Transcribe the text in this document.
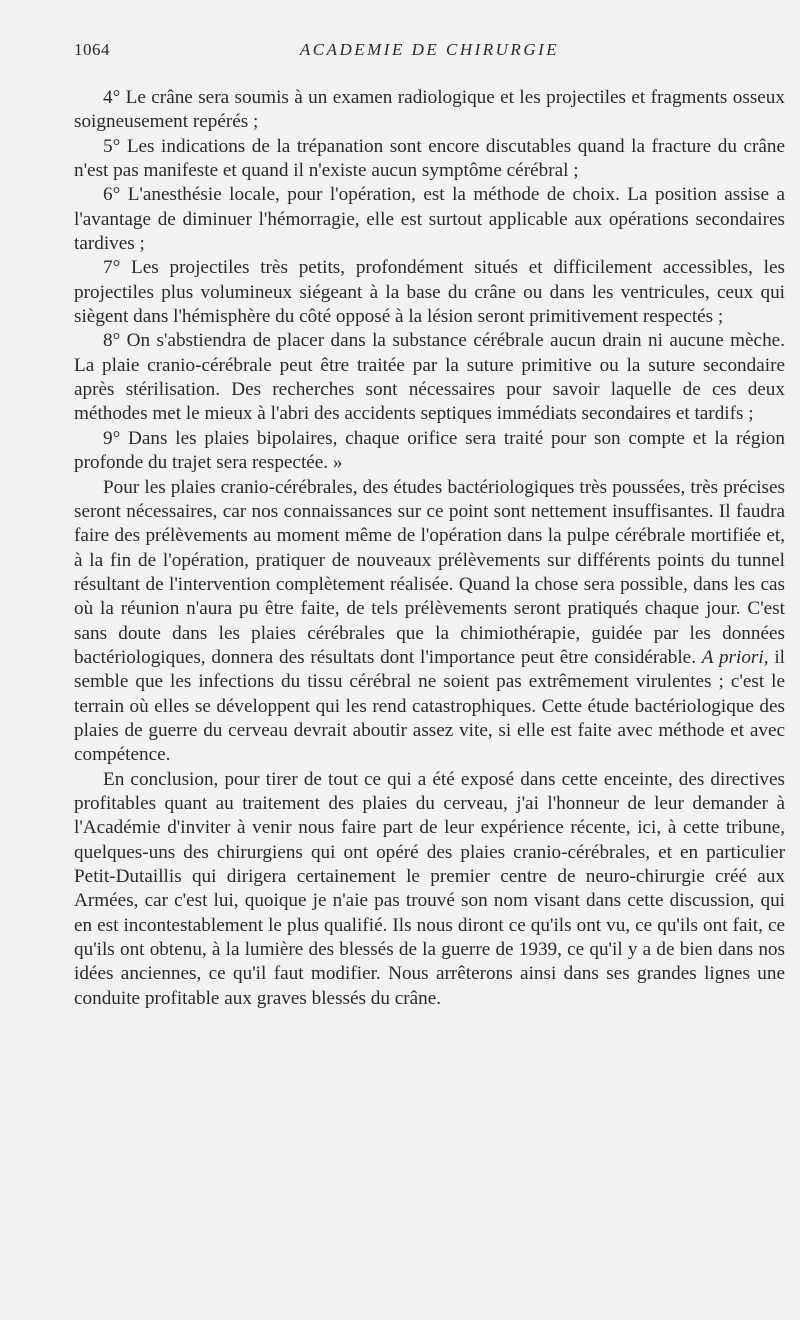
1064	ACADEMIE DE CHIRURGIE

4° Le crâne sera soumis à un examen radiologique et les projectiles et fragments osseux soigneusement repérés ;

5° Les indications de la trépanation sont encore discutables quand la fracture du crâne n'est pas manifeste et quand il n'existe aucun symptôme cérébral ;

6° L'anesthésie locale, pour l'opération, est la méthode de choix. La position assise a l'avantage de diminuer l'hémorragie, elle est surtout applicable aux opérations secondaires tardives ;

7° Les projectiles très petits, profondément situés et difficilement accessibles, les projectiles plus volumineux siégeant à la base du crâne ou dans les ventricules, ceux qui siègent dans l'hémisphère du côté opposé à la lésion seront primitivement respectés ;

8° On s'abstiendra de placer dans la substance cérébrale aucun drain ni aucune mèche. La plaie cranio-cérébrale peut être traitée par la suture primitive ou la suture secondaire après stérilisation. Des recherches sont nécessaires pour savoir laquelle de ces deux méthodes met le mieux à l'abri des accidents septiques immédiats secondaires et tardifs ;

9° Dans les plaies bipolaires, chaque orifice sera traité pour son compte et la région profonde du trajet sera respectée. »

Pour les plaies cranio-cérébrales, des études bactériologiques très poussées, très précises seront nécessaires, car nos connaissances sur ce point sont nettement insuffisantes. Il faudra faire des prélèvements au moment même de l'opération dans la pulpe cérébrale mortifiée et, à la fin de l'opération, pratiquer de nouveaux prélèvements sur différents points du tunnel résultant de l'intervention complètement réalisée. Quand la chose sera possible, dans les cas où la réunion n'aura pu être faite, de tels prélèvements seront pratiqués chaque jour. C'est sans doute dans les plaies cérébrales que la chimiothérapie, guidée par les données bactériologiques, donnera des résultats dont l'importance peut être considérable. A priori, il semble que les infections du tissu cérébral ne soient pas extrêmement virulentes ; c'est le terrain où elles se développent qui les rend catastrophiques. Cette étude bactériologique des plaies de guerre du cerveau devrait aboutir assez vite, si elle est faite avec méthode et avec compétence.

En conclusion, pour tirer de tout ce qui a été exposé dans cette enceinte, des directives profitables quant au traitement des plaies du cerveau, j'ai l'honneur de leur demander à l'Académie d'inviter à venir nous faire part de leur expérience récente, ici, à cette tribune, quelques-uns des chirurgiens qui ont opéré des plaies cranio-cérébrales, et en particulier Petit-Dutaillis qui dirigera certainement le premier centre de neuro-chirurgie créé aux Armées, car c'est lui, quoique je n'aie pas trouvé son nom visant dans cette discussion, qui en est incontestablement le plus qualifié. Ils nous diront ce qu'ils ont vu, ce qu'ils ont fait, ce qu'ils ont obtenu, à la lumière des blessés de la guerre de 1939, ce qu'il y a de bien dans nos idées anciennes, ce qu'il faut modifier. Nous arrêterons ainsi dans ses grandes lignes une conduite profitable aux graves blessés du crâne.
